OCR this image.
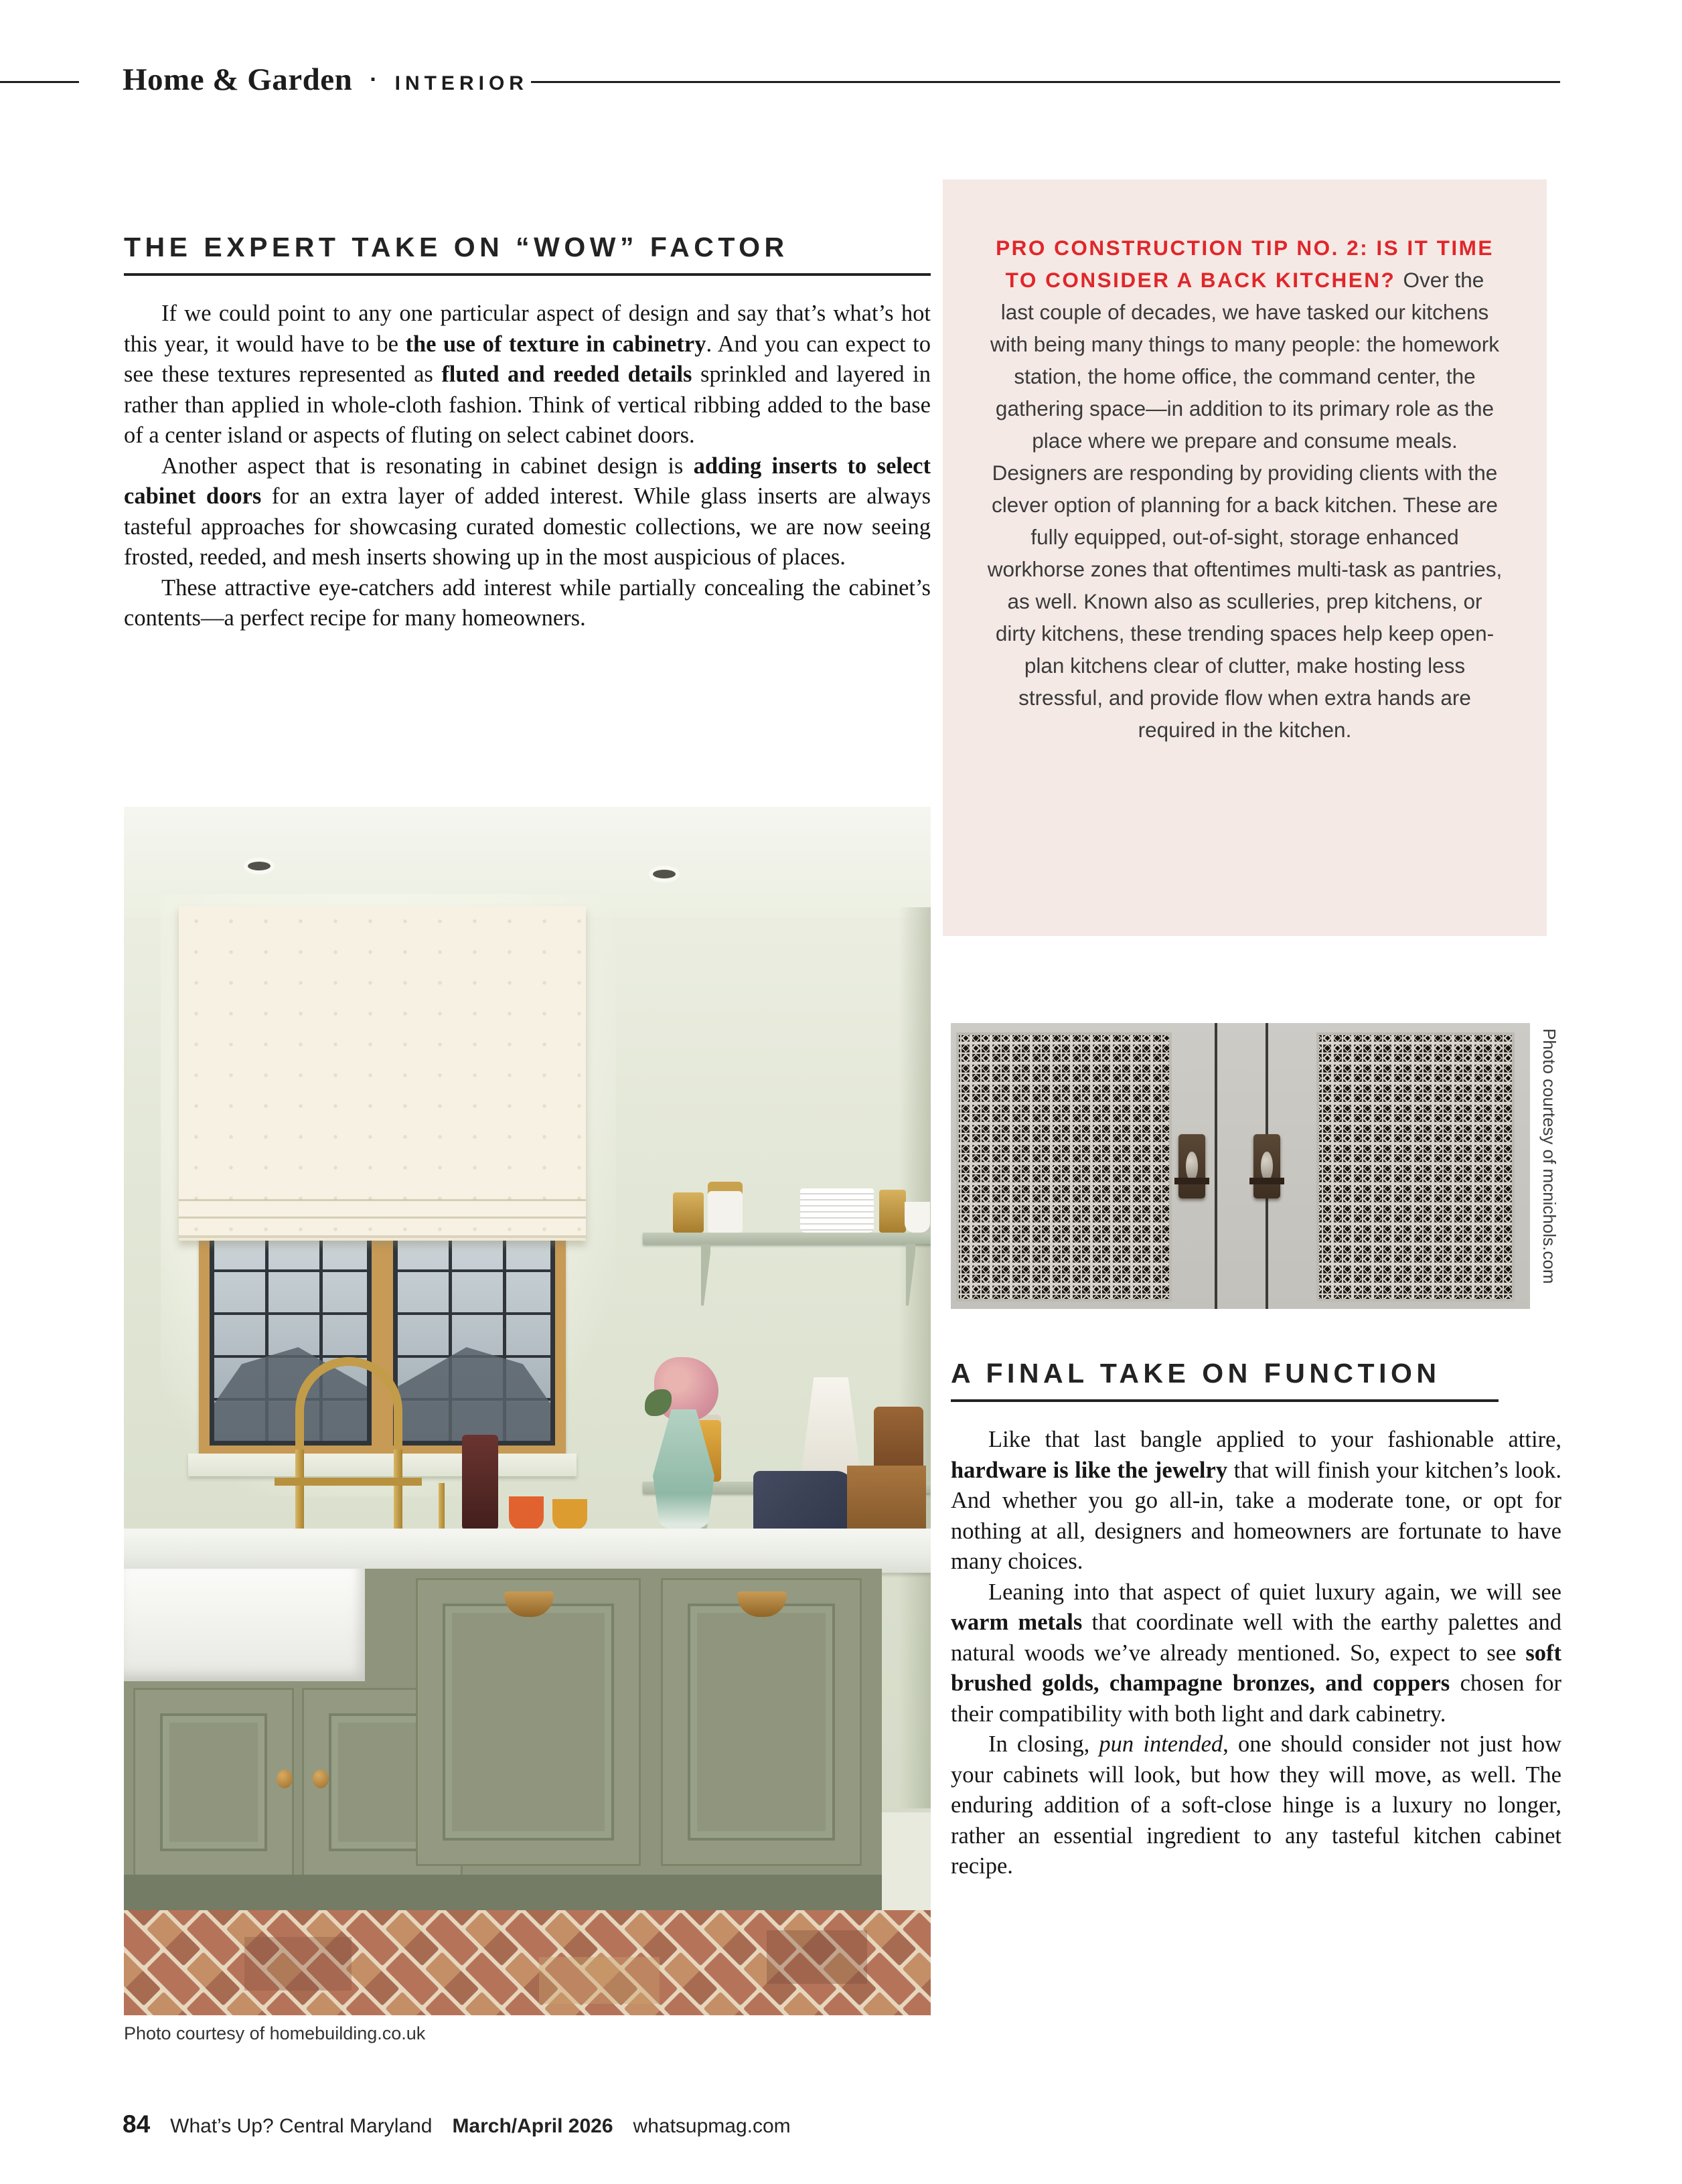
Home & Garden · INTERIOR
THE EXPERT TAKE ON “WOW” FACTOR

If we could point to any one particular aspect of design and say that’s what’s hot this year, it would have to be the use of texture in cabinetry. And you can expect to see these textures represented as fluted and reeded details sprinkled and layered in rather than applied in whole-cloth fashion. Think of vertical ribbing added to the base of a center island or aspects of fluting on select cabinet doors.

Another aspect that is resonating in cabinet design is adding inserts to select cabinet doors for an extra layer of added interest. While glass inserts are always tasteful approaches for showcasing curated domestic collections, we are now seeing frosted, reeded, and mesh inserts showing up in the most auspicious of places.

These attractive eye-catchers add interest while partially concealing the cabinet’s contents—a perfect recipe for many homeowners.

Photo courtesy of homebuilding.co.uk
PRO CONSTRUCTION TIP NO. 2: IS IT TIME TO CONSIDER A BACK KITCHEN? Over the last couple of decades, we have tasked our kitchens with being many things to many people: the homework station, the home office, the command center, the gathering space—in addition to its primary role as the place where we prepare and consume meals. Designers are responding by providing clients with the clever option of planning for a back kitchen. These are fully equipped, out-of-sight, storage enhanced workhorse zones that oftentimes multi-task as pantries, as well. Known also as sculleries, prep kitchens, or dirty kitchens, these trending spaces help keep open-plan kitchens clear of clutter, make hosting less stressful, and provide flow when extra hands are required in the kitchen.
Photo courtesy of mcnichols.com
A FINAL TAKE ON FUNCTION

Like that last bangle applied to your fashionable attire, hardware is like the jewelry that will finish your kitchen’s look. And whether you go all-in, take a moderate tone, or opt for nothing at all, designers and homeowners are fortunate to have many choices.

Leaning into that aspect of quiet luxury again, we will see warm metals that coordinate well with the earthy palettes and natural woods we’ve already mentioned. So, expect to see soft brushed golds, champagne bronzes, and coppers chosen for their compatibility with both light and dark cabinetry.

In closing, pun intended, one should consider not just how your cabinets will look, but how they will move, as well. The enduring addition of a soft-close hinge is a luxury no longer, rather an essential ingredient to any tasteful kitchen cabinet recipe.

84 What’s Up? Central Maryland March/April 2026 whatsupmag.com
